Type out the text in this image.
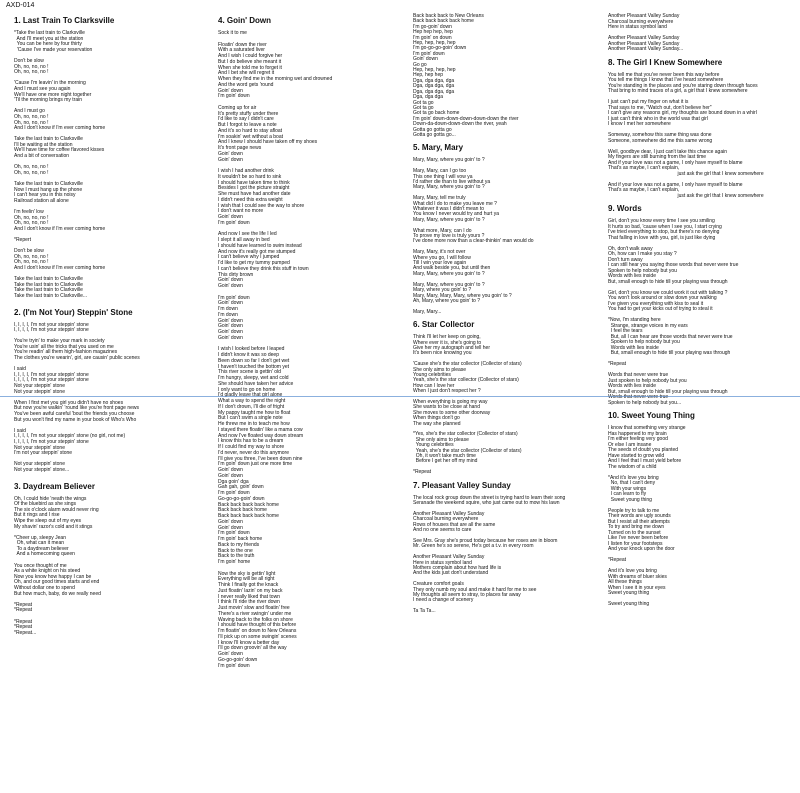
AXD-014
1. Last Train To Clarksville
*Take the last train to Clarksville
And I'll meet you at the station
You can be here by four thirty
'Cause I've made your reservation

Don't be slow
Oh, no, no, no !
Oh, no, no, no !

'Cause I'm leavin' in the morning
And I must see you again
We'll have one more night together
'Til the morning brings my train

And I must go
Oh, no, no, no !
Oh, no, no, no !
And I don't know if I'm ever coming home

Take the last train to Clarksville
I'll be waiting at the station
We'll have time for coffee flavored kisses
And a bit of conversation

Oh, no, no, no !
Oh, no, no, no !

Take the last train to Clarksville
Now I must hang up the phone
I can't hear you in this noisy
Railroad station all alone

I'm feelin' low
Oh, no, no, no !
Oh, no, no, no !
And I don't know if I'm ever coming home

*Repert

Don't be slow
Oh, no, no, no !
Oh, no, no, no !
And I don't know if I'm ever coming home

Take the last train to Clarksville
Take the last train to Clarksville
Take the last train to Clarksville
Take the last train to Clarksville...
2. (I'm Not Your) Steppin' Stone
I, I, I, I, I'm not your steppin' stone
I, I, I, I, I'm not your steppin' stone

You're tryin' to make your mark in society
You're usin' all the tricks that you used on me
You're readin' all them high-fashion magazines
The clothes you're wearin', girl, are causin' public scenes

I said
I, I, I, I, I'm not your steppin' stone
I, I, I, I, I'm not your steppin' stone
Not your steppin' stone
Not your steppin' stone

When I first met you girl you didn't have no shoes
But now you're walkin' 'round like you're front page news
You've been awful careful 'bout the friends you choose
But you won't find my name in your book of Who's Who

I said
I, I, I, I, I'm not your steppin' stone (no girl, not me)
I, I, I, I, I'm not your steppin' stone
Not your steppin' stone
I'm not your steppin' stone

Not your steppin' stone
Not your steppin' stone...
3. Daydream Believer
Oh, I could hide 'neath the wings
Of the bluebird as she sings
The six o'clock alarm would never ring
But it rings and I rise
Wipe the sleep out of my eyes
My shavin' razor's cold and it stings

*Cheer up, sleepy Jean
Oh, what can it mean
To a daydream believer
And a homecoming queen

You once thought of me
As a white knight on his steed
Now you know how happy I can be
Oh, and our good times starts and end
Without dollar one to spend
But how much, baby, do we really need

*Repeat
*Repeat

*Repeat
*Repeat
*Repeat...
4. Goin' Down
Sock it to me

Floatin' down the river
With a saturated liver
And I wish I could forgive her
But I do believe she meant it
When she told me to forget it
And I bet she will regret it
When they find me in the morning wet and drowned
And the word gets 'round
Goin' down
I'm goin' down

Coming up for air
It's pretty stuffy under there
I'd like to say I didn't care
But I forgot to leave a note
And it's so hard to stay afloat
I'm soakin' wet without a boat
And I knew I should have taken off my shoes
It's front page news
Goin' down
Goin' down

I wish I had another drink
It wouldn't be so hard to sink
I should have taken time to think
Besides I got the picture straight
She must have had another date
I didn't need this extra weight
I wish that I could see the way to shore
I don't want no more
Goin' down
I'm goin' down

And now I see the life I led
I slept it all away in bed
I should have learned to swim instead
And now it's really got me stumped
I can't believe why I jumped
I'd like to get my tummy pumped
I can't believe they drink this stuff in town
This dirty brown
Goin' down
Goin' down

I'm goin' down
Goin' down
I'm down
I'm down
Goin' down
Goin' down
Goin' down
Goin' down

I wish I looked before I leaped
I didn't know it was so deep
Been down so far I don't get wet
I haven't touched the bottom yet
This river scene is gettin' old
I'm hungry, sleepy, wet and cold
She should have taken her advice
I only want to go on home
I'd gladly leave that girl alone
What a way to spend the night
If I don't drown, I'll die of fright
My pappy taught me how to float
But I can't swim a single note
He threw me in to teach me how
I stayed there floatin' like a mama cow
And now I've floated way down stream
I know this has to be a dream
If I could find my way to shore
I'd never, never do this anymore
I'll give you three, I've been down nine
I'm goin' down just one more time
Goin' down
Goin' down
Dga goin' dga
Gah gah, goin' down
I'm goin' down
Go-go-go-goin' down
Back back back back home
Back back back home
Back back back back home
Goin' down
Goin' down
I'm goin' down
I'm goin' back home
Back to my friends
Back to the one
Back to the truth
I'm goin' home

Now the sky is gettin' light
Everything will be all right
Think I finally got the knack
Just floatin' lazin' on my back
I never really liked that town
I think I'll ride the river down
Just movin' slow and floatin' free
There's a river swingin' under me
Waving back to the folks on shore
I should have thought of this before
I'm floatin' on down to New Orleans
I'll pick up on some swingin' scenes
I know I'll know a better day
I'll go down groovin' all the way
Goin' down
Go-go-goin' down
I'm goin' down
Back back back to New Orleans
Back back back back home
I'm go-goin' down
Hep hep hep, hep
I'm goin' on down
Hep, hep, hep, hep
I'm go-go-go-goin' down
I'm goin' down
Goin' down
Go go
Hep, hep, hep, hep
Hep, hep hep
Dga, dga dga, dga
Dga, dga dga, dga
Dga, dga dga, dga
Dga, dga dga
Got ta go
Got ta go
Got ta go back home
I'm goin' down-down-down-down-down the river
Down-da-down-down-down the river, yeah
Gotta go gotta go
Gotta go gotta go...
5. Mary, Mary
Mary, Mary, where you goin' to ?

Mary, Mary, can I go too
This one thing I will vow ya
I'd rather die than to live without ya
Mary, Mary, where you goin' to ?

Mary, Mary, tell me truly
What did I do to make you leave me ?
Whatever it was I didn't mean to
You know I never would try and hurt ya
Mary, Mary, where you goin' to ?

What more, Mary, can I do
To prove my love is truly yours ?
I've done more now than a clear-thinkin' man would do

Mary, Mary, it's not over
Where you go, I will follow
Till I win your love again
And walk beside you, but until then
Mary, Mary, where you goin' to ?

Mary, Mary, where you goin' to ?
Mary, where you goin' to ?
Mary, Mary, Mary, Mary, where you goin' to ?
Ah, Mary, where you goin' to ?

Mary, Mary...
6. Star Collector
Think I'll let her keep on going,
Where ever it is, she's going to
Give her my autograph and tell her
It's been nice knowing you

'Cause she's the star collector (Collector of stars)
She only aims to please
Young celebrities
Yeah, she's the star collector (Collector of stars)
How can I love her
When I just don't respect her ?

When everything is going my way
She wants to be close at hand
She moves to some other doorway
When things don't go
The way she planned

*Yes, she's the star collector (Collector of stars)
She only aims to please
Young celebrities
Yeah, she's the star collector (Collector of stars)
Oh, it won't take much time
Before I get her off my mind

*Repeat
7. Pleasant Valley Sunday
The local rock group down the street is trying hard to learn their song
Seranade the weekend squire, who just came out to mow his lawn

Another Pleasant Valley Sunday
Charcoal burning everywhere
Rows of houses that are all the same
And no one seems to care

See Mrs. Gray she's proud today because her roses are in bloom
Mr. Green he's so serene, He's got a t.v. in every room

Another Pleasant Valley Sunday
Here in status symbol land
Mothers complain about how hard life is
And the kids just don't understand

Creature comfort goals
They only numb my soul and make it hard for me to see
My thoughts all seem to stray, to places far away
I need a change of scenery

Ta Ta Ta...
Another Pleasant Valley Sunday
Charcoal burning everywhere
Here in status symbol land

Another Pleasant Valley Sunday
Another Pleasant Valley Sunday
Another Pleasant Valley Sunday...
8. The Girl I Knew Somewhere
You tell me that you've never been this way before
You tell me things I know that I've heard somewhere
You're standing in the places and you're staring down through faces
That bring to mind traces of a girl, a girl that I knew somewhere

I just can't put my finger on what it is
That says to me, "Watch out, don't believe her"
I can't give any reasons girl, my thoughts are bound down in a whirl
I just can't think who in the world was that girl
I know I met her somewhere

Someway, somehow this same thing was done
Someone, somewhere did me this same wrong

Well, goodbye dear, I just can't take this chance again
My fingers are still burning from the last time
And if your love was not a game, I only have myself to blame
That's as maybe, I can't explain,
just ask the girl that I knew somewhere

And if your love was not a game, I only have myself to blame
That's as maybe, I can't explain,
just ask the girl that I knew somewhere
9. Words
Girl, don't you know every time I see you smiling
It hurts so bad, 'cause when I see you, I start crying
I've tried everything to stop, but there's no denying
That falling in love with you, girl, is just like dying

Oh, don't walk away
Oh, how can I make you stay ?
Don't turn away
I can still hear you saying those words that never were true
Spoken to help nobody but you
Words with lies inside
But, small enough to hide till your playing was through

Girl, don't you know we could work it out with talking ?
You won't look around or slow down your walking
I've given you everything with kiss to seal it
You had to get your kicks out of trying to steal it

*Now, I'm standing here
Strange, strange voices in my ears
I feel the tears
But, all I can hear are those words that never were true
Spoken to help nobody but you
Words with lies inside
But, small enough to hide till your playing was through

*Repeat

Words that never were true
Just spoken to help nobody but you
Words with lies inside
But, small enough to hide till your playing was through
Words that never were true
Spoken to help nobody but you...
10. Sweet Young Thing
I know that something very strange
Has happened to my brain
I'm either feeling very good
Or else I am insane
The seeds of doubt you planted
Have started to grow wild
And I feel that I must yield before
The wisdom of a child

*And it's love you bring
No, that I can't deny
With your wings
I can learn to fly
Sweet young thing

People try to talk to me
Their words are ugly sounds
But I resist all their attempts
To try and bring me down
Turned on to the sunset
Like I've never been before
I listen for your footsteps
And your knock upon the door

*Repeat

And it's love you bring
With dreams of bluer skies
All these things
When I see it in your eyes
Sweet young thing

Sweet young thing
